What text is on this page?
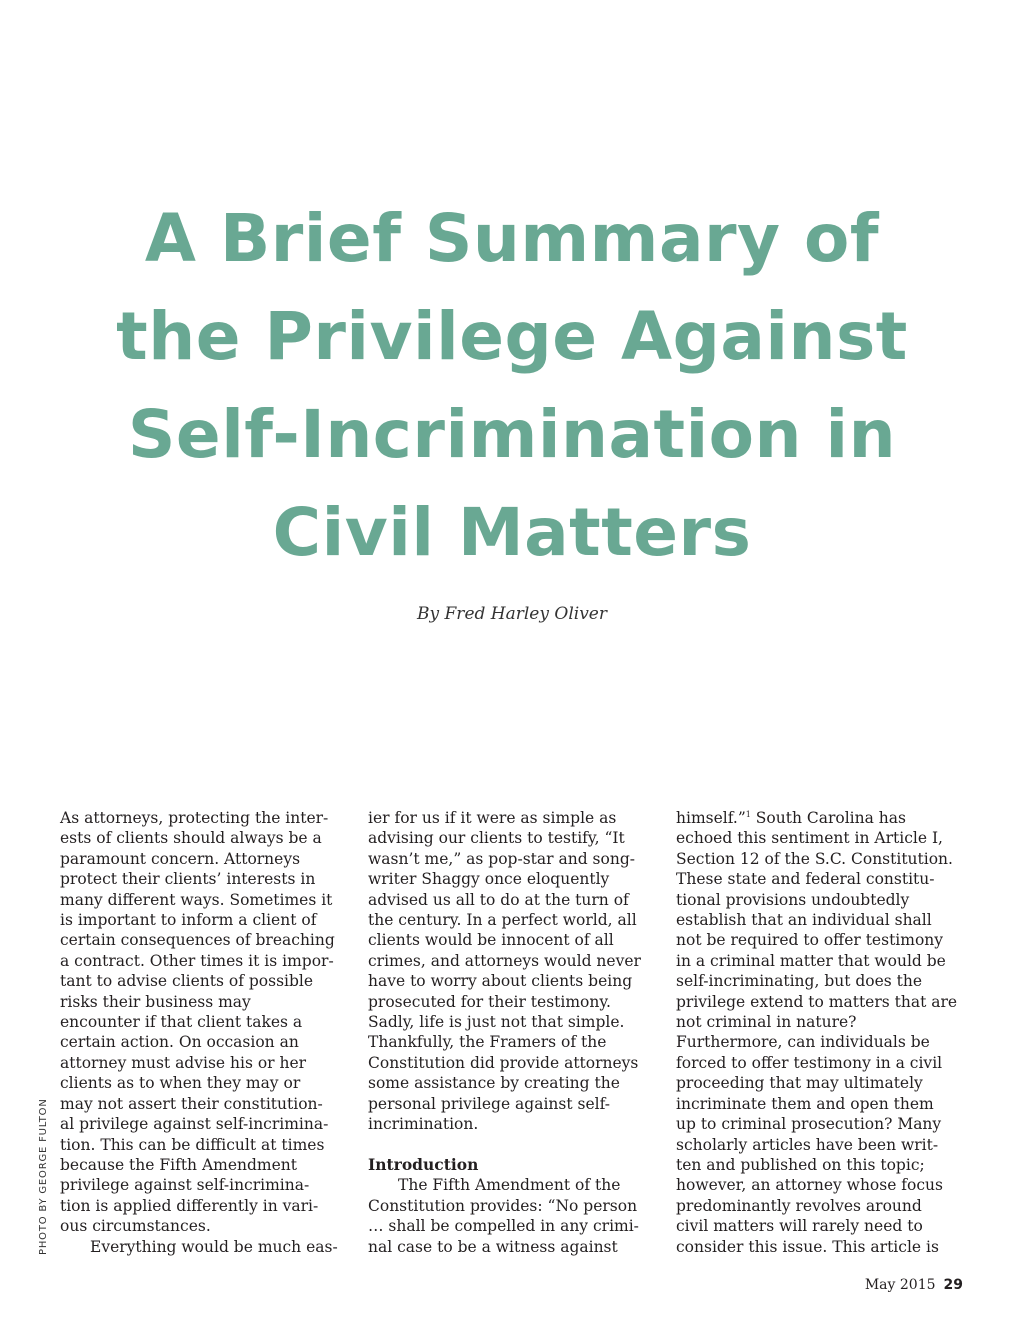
A Brief Summary of
the Privilege Against
Self-Incrimination in
Civil Matters
By Fred Harley Oliver

As attorneys, protecting the inter-
ests of clients should always be a
paramount concern. Attorneys
protect their clients’ interests in
many different ways. Sometimes it
is important to inform a client of
certain consequences of breaching
a contract. Other times it is impor-
tant to advise clients of possible
risks their business may
encounter if that client takes a
certain action. On occasion an
attorney must advise his or her
clients as to when they may or
may not assert their constitution-
al privilege against self-incrimina-
tion. This can be difficult at times
because the Fifth Amendment
privilege against self-incrimina-
tion is applied differently in vari-
ous circumstances.

Everything would be much eas-

ier for us if it were as simple as
advising our clients to testify, “It
wasn’t me,” as pop-star and song-
writer Shaggy once eloquently
advised us all to do at the turn of
the century. In a perfect world, all
clients would be innocent of all
crimes, and attorneys would never
have to worry about clients being
prosecuted for their testimony.
Sadly, life is just not that simple.
Thankfully, the Framers of the
Constitution did provide attorneys
some assistance by creating the
personal privilege against self-
incrimination.

Introduction

The Fifth Amendment of the
Constitution provides: “No person
… shall be compelled in any crimi-
nal case to be a witness against

himself.”$^1$ South Carolina has
echoed this sentiment in Article I,
Section 12 of the S.C. Constitution.
These state and federal constitu-
tional provisions undoubtedly
establish that an individual shall
not be required to offer testimony
in a criminal matter that would be
self-incriminating, but does the
privilege extend to matters that are
not criminal in nature?
Furthermore, can individuals be
forced to offer testimony in a civil
proceeding that may ultimately
incriminate them and open them
up to criminal prosecution? Many
scholarly articles have been writ-
ten and published on this topic;
however, an attorney whose focus
predominantly revolves around
civil matters will rarely need to
consider this issue. This article is

PHOTO BY GEORGE FULTON
May 2015 29
